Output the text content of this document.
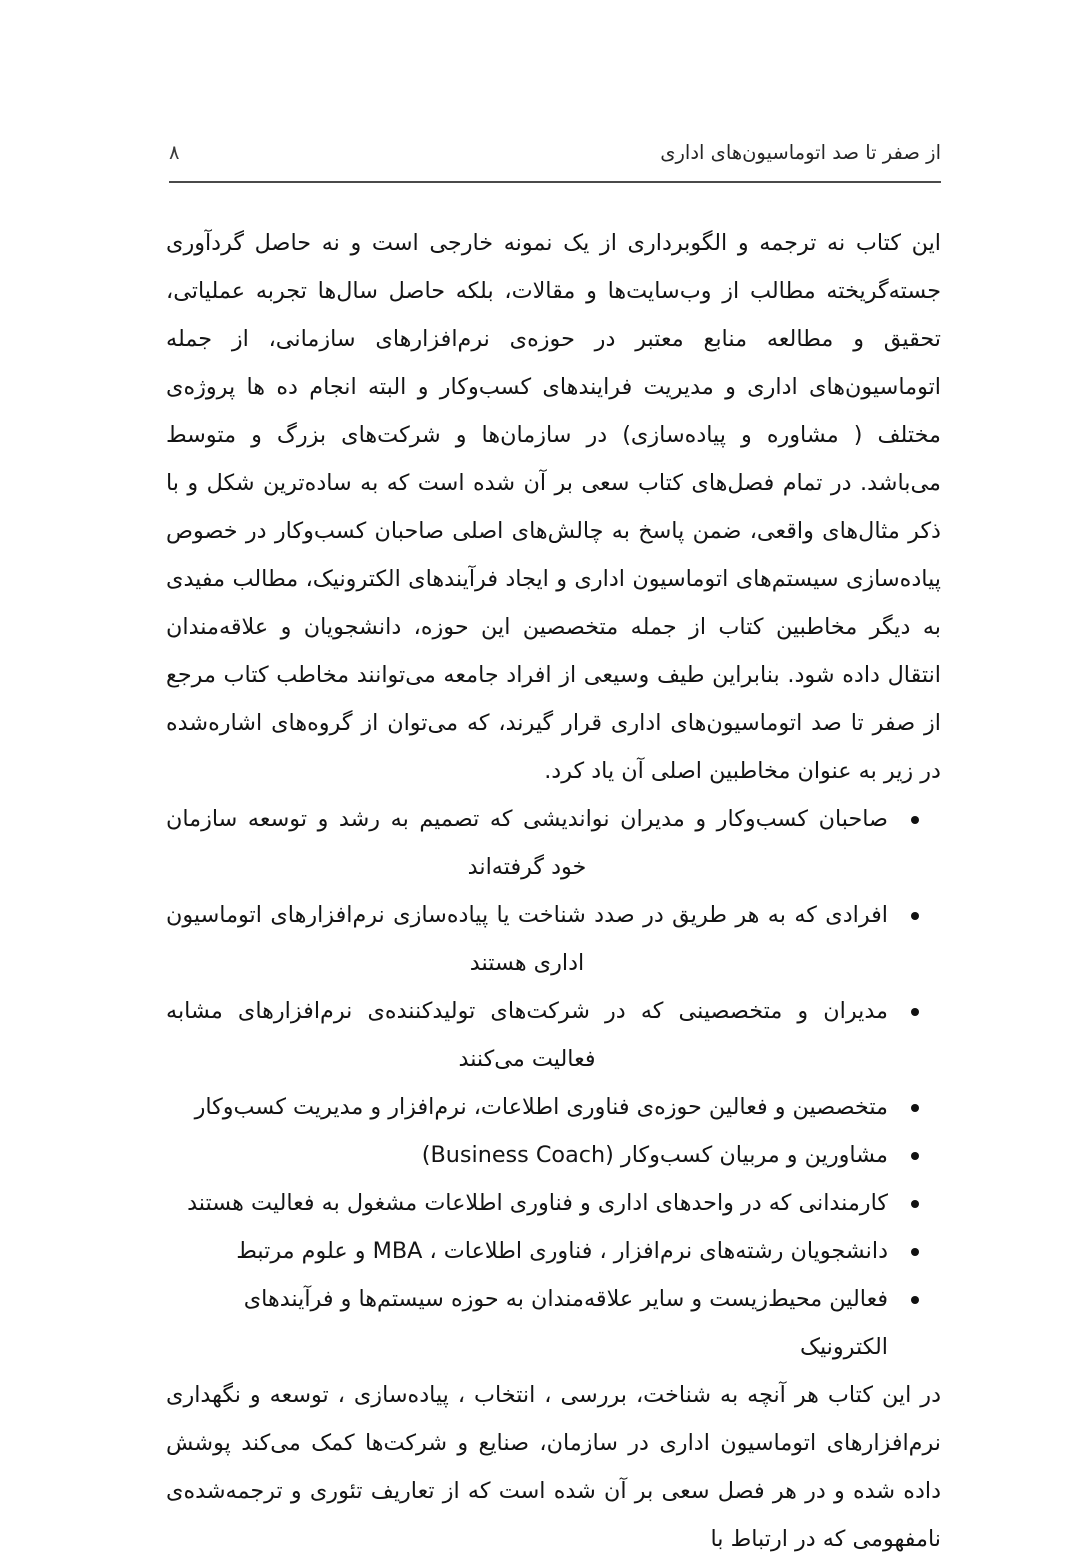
از صفر تا صد اتوماسیون‌های اداری
۸

این کتاب نه ترجمه و الگوبرداری از یک نمونه خارجی است و نه حاصل گردآوری جسته‌گریخته مطالب از وب‌سایت‌ها و مقالات، بلکه حاصل سال‌ها تجربه عملیاتی، تحقیق و مطالعه منابع معتبر در حوزه‌ی نرم‌افزارهای سازمانی، از جمله اتوماسیون‌های اداری و مدیریت فرایندهای کسب‌وکار و البته انجام ده ها پروژه‌ی مختلف ( مشاوره و پیاده‌سازی) در سازمان‌ها و شرکت‌های بزرگ و متوسط می‌باشد. در تمام فصل‌های کتاب سعی بر آن شده است که به ساده‌ترین شکل و با ذکر مثال‌های واقعی، ضمن پاسخ به چالش‌های اصلی صاحبان کسب‌وکار در خصوص پیاده‌سازی سیستم‌های اتوماسیون اداری و ایجاد فرآیندهای الکترونیک، مطالب مفیدی به دیگر مخاطبین کتاب از جمله متخصصین این حوزه، دانشجویان و علاقه‌مندان انتقال داده شود. بنابراین طیف وسیعی از افراد جامعه می‌توانند مخاطب کتاب مرجع از صفر تا صد اتوماسیون‌های اداری قرار گیرند، که می‌توان از گروه‌های اشاره‌شده در زیر به عنوان مخاطبین اصلی آن یاد کرد.

صاحبان کسب‌وکار و مدیران نواندیشی که تصمیم به رشد و توسعه سازمان خود گرفته‌اند
افرادی که به هر طریق در صدد شناخت یا پیاده‌سازی نرم‌افزارهای اتوماسیون اداری هستند
مدیران و متخصصینی که در شرکت‌های تولیدکننده‌ی نرم‌افزارهای مشابه فعالیت می‌کنند
متخصصین و فعالین حوزه‌ی فناوری اطلاعات، نرم‌افزار و مدیریت کسب‌وکار
مشاورین و مربیان کسب‌وکار (Business Coach)
کارمندانی که در واحدهای اداری و فناوری اطلاعات مشغول به فعالیت هستند
دانشجویان رشته‌های نرم‌افزار ، فناوری اطلاعات ، MBA و علوم مرتبط
فعالین محیط‌زیست و سایر علاقه‌مندان به حوزه سیستم‌ها و فرآیندهای الکترونیک

در این کتاب هر آنچه به شناخت، بررسی ، انتخاب ، پیاده‌سازی ، توسعه و نگهداری نرم‌افزارهای اتوماسیون اداری در سازمان، صنایع و شرکت‌ها کمک می‌کند پوشش داده شده و در هر فصل سعی بر آن شده است که از تعاریف تئوری و ترجمه‌شده‌ی نامفهومی که در ارتباط با
